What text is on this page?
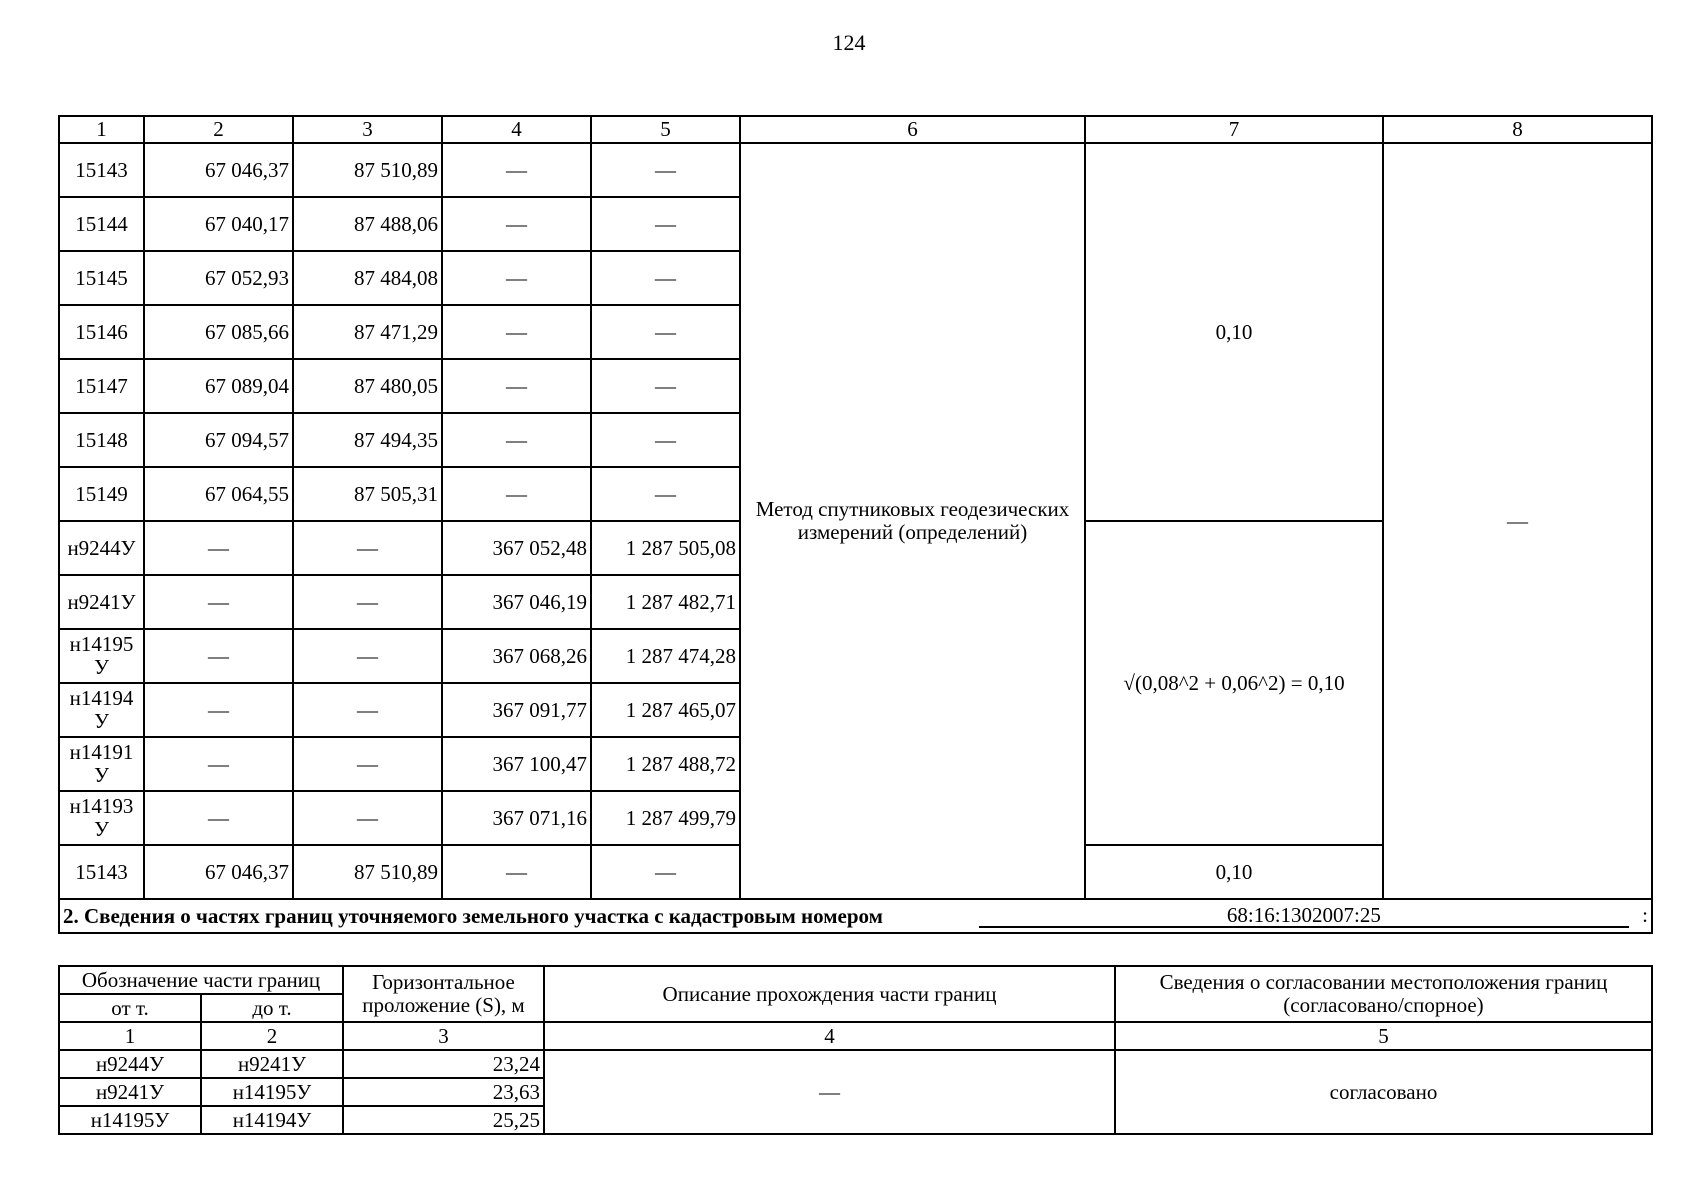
124
1	2	3	4	5	6	7	8
15143	67 046,37	87 510,89	—	—	Метод спутниковых геодезических измерений (определений)	0,10	—
15144	67 040,17	87 488,06	—	—			
15145	67 052,93	87 484,08	—	—			
15146	67 085,66	87 471,29	—	—			
15147	67 089,04	87 480,05	—	—			
15148	67 094,57	87 494,35	—	—			
15149	67 064,55	87 505,31	—	—			
н9244У	—	—	367 052,48	1 287 505,08		√(0,08^2 + 0,06^2) = 0,10	
н9241У	—	—	367 046,19	1 287 482,71			
н14195 У	—	—	367 068,26	1 287 474,28			
н14194 У	—	—	367 091,77	1 287 465,07			
н14191 У	—	—	367 100,47	1 287 488,72			
н14193 У	—	—	367 071,16	1 287 499,79			
15143	67 046,37	87 510,89	—	—		0,10	

2. Сведения о частях границ уточняемого земельного участка с кадастровым номером 68:16:1302007:25 :							
Обозначение части границ		Горизонтальное проложение (S), м	Описание прохождения части границ	Сведения о согласовании местоположения границ (согласовано/спорное)
от т.	до т.			
1	2	3	4	5
н9244У	н9241У	23,24	—	согласовано
н9241У	н14195У	23,63		
н14195У	н14194У	25,25		
